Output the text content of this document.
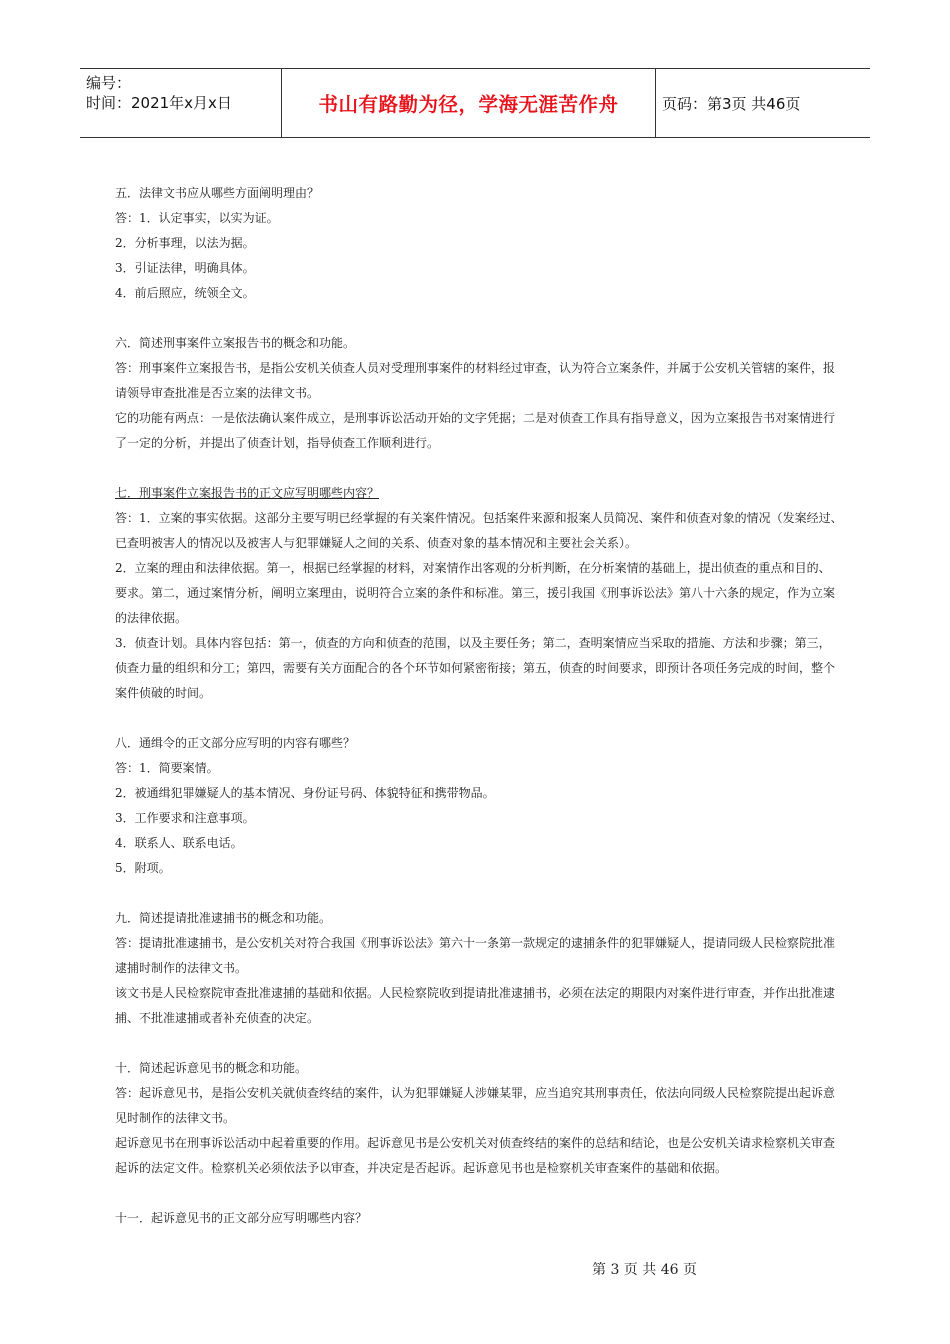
编号：
时间：2021年x月x日	书山有路勤为径，学海无涯苦作舟	页码：第3页 共46页
五．法律文书应从哪些方面阐明理由？
答：1．认定事实，以实为证。
2．分析事理，以法为据。
3．引证法律，明确具体。
4．前后照应，统领全文。
六．简述刑事案件立案报告书的概念和功能。
答：刑事案件立案报告书，是指公安机关侦查人员对受理刑事案件的材料经过审查，认为符合立案条件，并属于公安机关管辖的案件，报
请领导审查批准是否立案的法律文书。
它的功能有两点：一是依法确认案件成立，是刑事诉讼活动开始的文字凭据；二是对侦查工作具有指导意义，因为立案报告书对案情进行
了一定的分析，并提出了侦查计划，指导侦查工作顺利进行。
七．刑事案件立案报告书的正文应写明哪些内容？
答：1．立案的事实依据。这部分主要写明已经掌握的有关案件情况。包括案件来源和报案人员简况、案件和侦查对象的情况（发案经过、
已查明被害人的情况以及被害人与犯罪嫌疑人之间的关系、侦查对象的基本情况和主要社会关系）。
2．立案的理由和法律依据。第一，根据已经掌握的材料，对案情作出客观的分析判断，在分析案情的基础上，提出侦查的重点和目的、
要求。第二，通过案情分析，阐明立案理由，说明符合立案的条件和标准。第三，援引我国《刑事诉讼法》第八十六条的规定，作为立案
的法律依据。
3．侦查计划。具体内容包括：第一，侦查的方向和侦查的范围，以及主要任务；第二，查明案情应当采取的措施、方法和步骤；第三，
侦查力量的组织和分工；第四，需要有关方面配合的各个环节如何紧密衔接；第五，侦查的时间要求，即预计各项任务完成的时间，整个
案件侦破的时间。
八．通缉令的正文部分应写明的内容有哪些？
答：1．简要案情。
2．被通缉犯罪嫌疑人的基本情况、身份证号码、体貌特征和携带物品。
3．工作要求和注意事项。
4．联系人、联系电话。
5．附项。
九．简述提请批准逮捕书的概念和功能。
答：提请批准逮捕书，是公安机关对符合我国《刑事诉讼法》第六十一条第一款规定的逮捕条件的犯罪嫌疑人，提请同级人民检察院批准
逮捕时制作的法律文书。
该文书是人民检察院审查批准逮捕的基础和依据。人民检察院收到提请批准逮捕书，必须在法定的期限内对案件进行审查，并作出批准逮
捕、不批准逮捕或者补充侦查的决定。
十．简述起诉意见书的概念和功能。
答：起诉意见书，是指公安机关就侦查终结的案件，认为犯罪嫌疑人涉嫌某罪，应当追究其刑事责任，依法向同级人民检察院提出起诉意
见时制作的法律文书。
起诉意见书在刑事诉讼活动中起着重要的作用。起诉意见书是公安机关对侦查终结的案件的总结和结论，也是公安机关请求检察机关审查
起诉的法定文件。检察机关必须依法予以审查，并决定是否起诉。起诉意见书也是检察机关审查案件的基础和依据。
十一．起诉意见书的正文部分应写明哪些内容？
第 3 页 共 46 页
